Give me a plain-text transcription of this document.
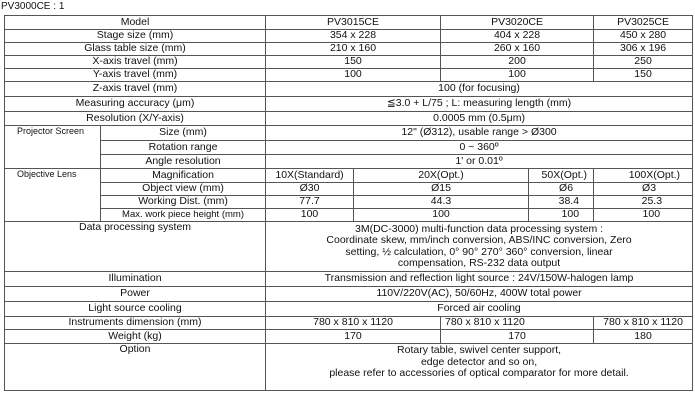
PV3000CE : 1
Model		PV3015CE		PV3020CE		PV3025CE
Stage size (mm)		354 x 228		404 x 228		450 x 280
Glass table size (mm)		210 x 160		260 x 160		306 x 196
X-axis travel (mm)		150		200		250
Y-axis travel (mm)		100		100		150
Z-axis travel (mm)		100 (for focusing)				
Measuring accuracy (μm)		≦3.0 + L/75 ; L: measuring length (mm)				
Resolution (X/Y-axis)		0.0005 mm (0.5μm)				
Projector Screen	Size (mm)	12" (Ø312), usable range > Ø300				
	Rotation range	0 ~ 360º				
	Angle resolution	1' or 0.01º				
Objective Lens	Magnification	10X(Standard)	20X(Opt.)		50X(Opt.)	100X(Opt.)
	Object view (mm)	Ø30	Ø15		Ø6	Ø3
	Working Dist. (mm)	77.7	44.3		38.4	25.3
	Max. work piece height (mm)	100	100		100	100
Data processing system		3M(DC-3000) multi-function data processing system :
Coordinate skew, mm/inch conversion, ABS/INC conversion, Zero
setting, ½ calculation, 0° 90° 270° 360° conversion, linear
compensation, RS-232 data output				

Illumination		Transmission and reflection light source : 24V/150W-halogen lamp				
Power		110V/220V(AC), 50/60Hz, 400W total power				
Light source cooling		Forced air cooling				
Instruments dimension (mm)		780 x 810 x 1120		780 x 810 x 1120		780 x 810 x 1120
Weight (kg)		170		170		180
Option		Rotary table, swivel center support,
edge detector and so on,
please refer to accessories of optical comparator for more detail.				
